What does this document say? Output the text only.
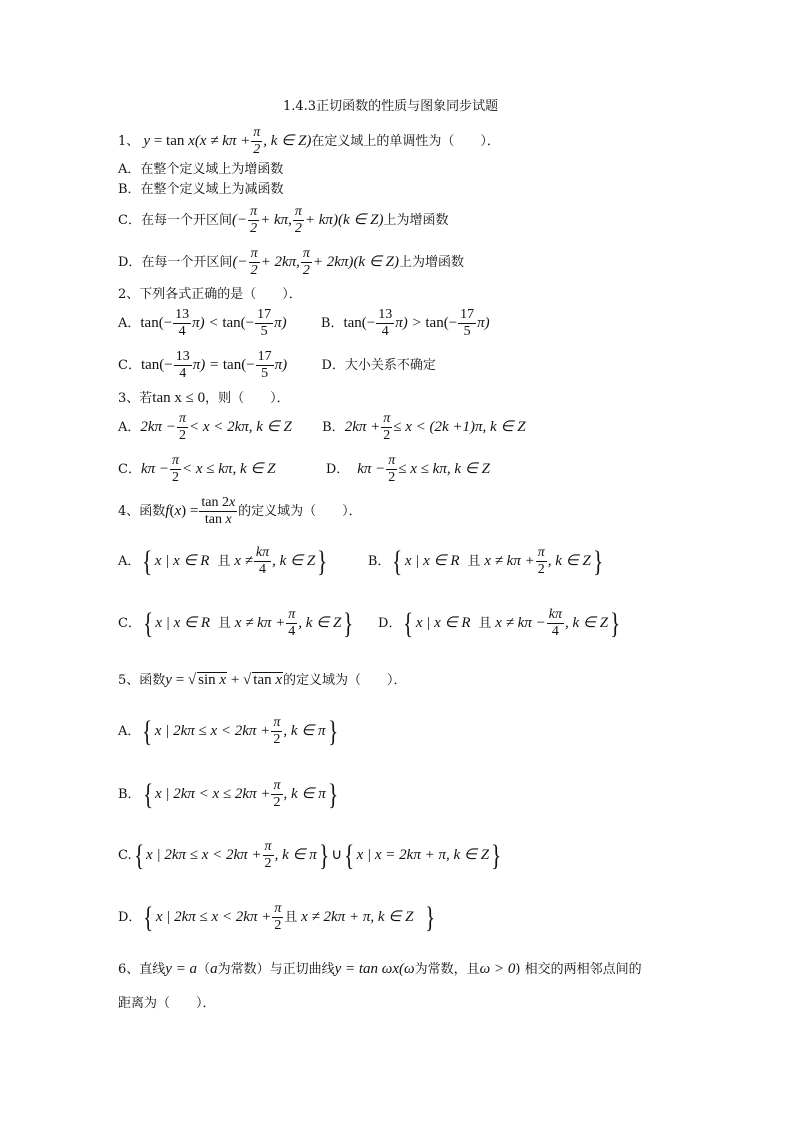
1.4.3正切函数的性质与图象同步试题
1、 $y = \tan x(x \ne k\pi + \frac{\pi}{2}$ , k ∈ Z)在定义域上的单调性为（　　）．
A．在整个定义域上为增函数
B．在整个定义域上为减函数
C．在每一个开区间(− $\frac{\pi}{2} + k\pi$, $\frac{\pi}{2} + k\pi)(k$ ∈ Z)上为增函数
D．在每一个开区间(− $\frac{\pi}{2} + 2k\pi$, $\frac{\pi}{2} + 2k\pi)(k$ ∈ Z)上为增函数
2、下列各式正确的是（　　）．
A．$\tan(- \frac{13}{4} \pi) < \tan(- \frac{17}{5} \pi)$	B．$\tan(- \frac{13}{4} \pi) > \tan(- \frac{17}{5} \pi)$
C．$\tan(- \frac{13}{4} \pi) = \tan(- \frac{17}{5} \pi)$	D．大小关系不确定
3、若tan x ≤ 0，则（　　）．
A．$2k\pi - \frac{\pi}{2} < x < 2k\pi$, k ∈ Z B．$2k\pi + \frac{\pi}{2} \le x < (2k +1)\pi$, k ∈ Z
C．$k\pi - \frac{\pi}{2} < x \le k\pi$, k ∈ Z	D． $k\pi - \frac{\pi}{2} \le x \le k\pi$, k ∈ Z
4、函数$f(x) = \frac{\tan 2x}{\text{tan x}}$ 的定义域为（　　）．
A．{ x | x ∈ R 且 $x \ne \frac{k\pi}{4}$ , k ∈ Z}	B．{ x | x ∈ R 且 $x \ne k\pi + \frac{\pi}{2}$ , k ∈ Z}
C．{ x | x ∈ R 且 $x \ne k\pi + \frac{\pi}{4}$ , k ∈ Z} D．{ x | x ∈ R 且 $x \ne k\pi - \frac{k\pi}{4}$ , k ∈ Z}
5、函数y = √ sin x + √ tan x的定义域为（　　）．
A．{ x | $2k\pi \le x < 2k\pi + \frac{\pi}{2}$ , k ∈ π}
B．{ x | $2k\pi < x \le 2k\pi + \frac{\pi}{2}$ , k ∈ π}
C.{ x | $2k\pi \le x < 2k\pi + \frac{\pi}{2}$ , k ∈ π} ∪{ x | x = 2kπ + π, k ∈ Z}
D．{ x | $2k\pi \le x < 2k\pi + \frac{\pi}{2}$ 且 x ≠ 2kπ + π, k ∈ Z }
6、直线y = a（a为常数）与正切曲线y = tan ωx(ω为常数，且ω > 0) 相交的两相邻点间的
距离为（　　）．
